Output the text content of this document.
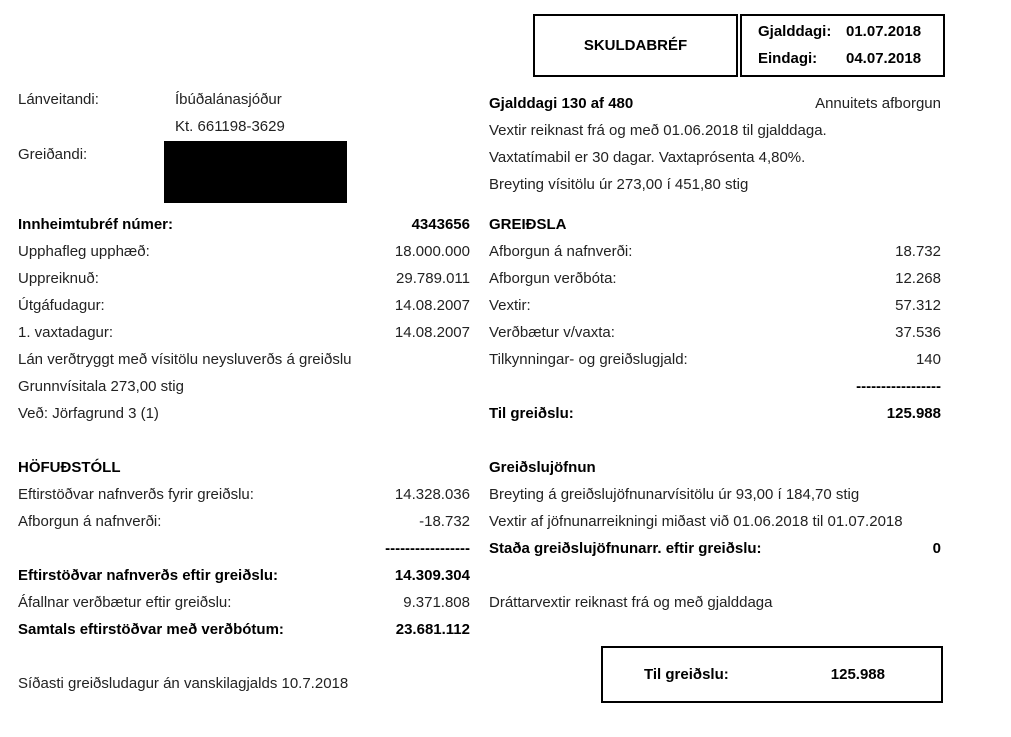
SKULDABRÉF
Gjalddagi: 01.07.2018
Eindagi: 04.07.2018
Lánveitandi:	Íbúðalánasjóður
Kt. 661198-3629
Greiðandi:
Gjalddagi 130 af 480	Annuitets afborgun
Vextir reiknast frá og með 01.06.2018 til gjalddaga.
Vaxtatímabil er 30 dagar. Vaxtaprósenta 4,80%.
Breyting vísitölu úr 273,00 í 451,80 stig
Innheimtubréf númer:	4343656
Upphafleg upphæð:	18.000.000
Uppreiknuð:	29.789.011
Útgáfudagur:	14.08.2007
1. vaxtadagur:	14.08.2007
Lán verðtryggt með vísitölu neysluverðs á greiðslu
Grunnvísitala 273,00 stig
Veð: Jörfagrund 3 (1)
GREIÐSLA
Afborgun á nafnverði:	18.732
Afborgun verðbóta:	12.268
Vextir:	57.312
Verðbætur v/vaxta:	37.536
Tilkynningar- og greiðslugjald:	140
-----------------
Til greiðslu:	125.988
HÖFUÐSTÓLL
Eftirstöðvar nafnverðs fyrir greiðslu:	14.328.036
Afborgun á nafnverði:	-18.732
-----------------
Eftirstöðvar nafnverðs eftir greiðslu:	14.309.304
Áfallnar verðbætur eftir greiðslu:	9.371.808
Samtals eftirstöðvar með verðbótum:	23.681.112
Greiðslujöfnun
Breyting á greiðslujöfnunarvísitölu úr 93,00 í 184,70 stig
Vextir af jöfnunarreikningi miðast við 01.06.2018 til 01.07.2018
Staða greiðslujöfnunarr. eftir greiðslu:	0
Dráttarvextir reiknast frá og með gjalddaga
Síðasti greiðsludagur án vanskilagjalds 10.7.2018
Til greiðslu:	125.988
